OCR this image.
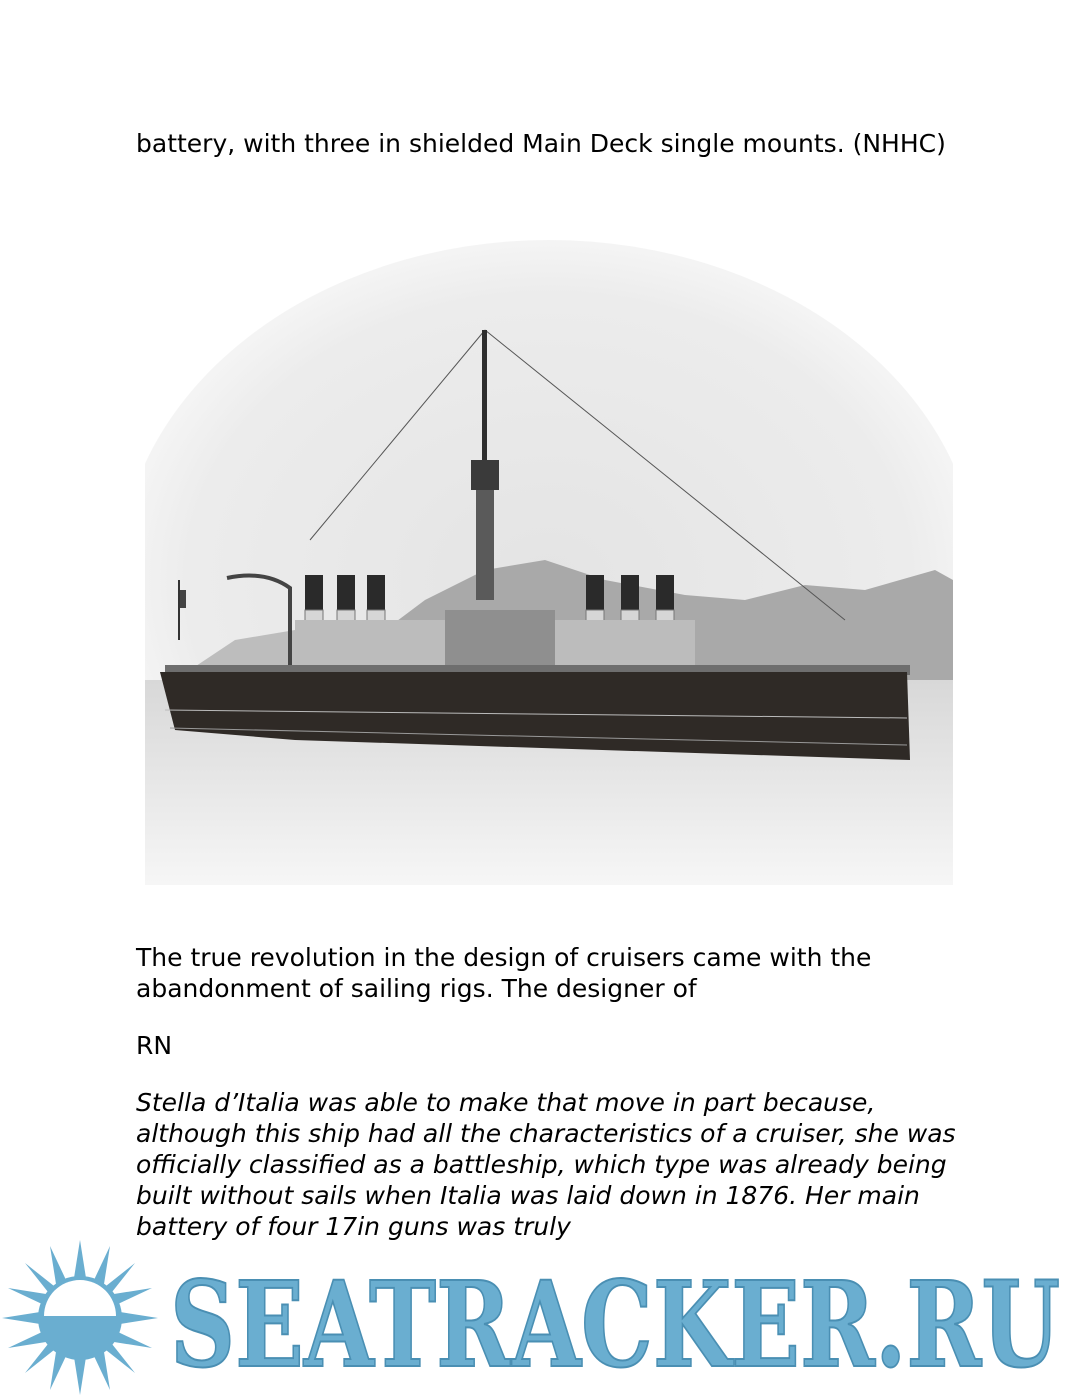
battery, with three in shielded Main Deck single mounts. (NHHC)

The true revolution in the design of cruisers came with the abandonment of sailing rigs. The designer of

RN

Stella d’Italia was able to make that move in part because, although this ship had all the characteristics of a cruiser, she was officially classified as a battleship, which type was already being built without sails when Italia was laid down in 1876. Her main battery of four 17in guns was truly

SEATRACKER.RU
